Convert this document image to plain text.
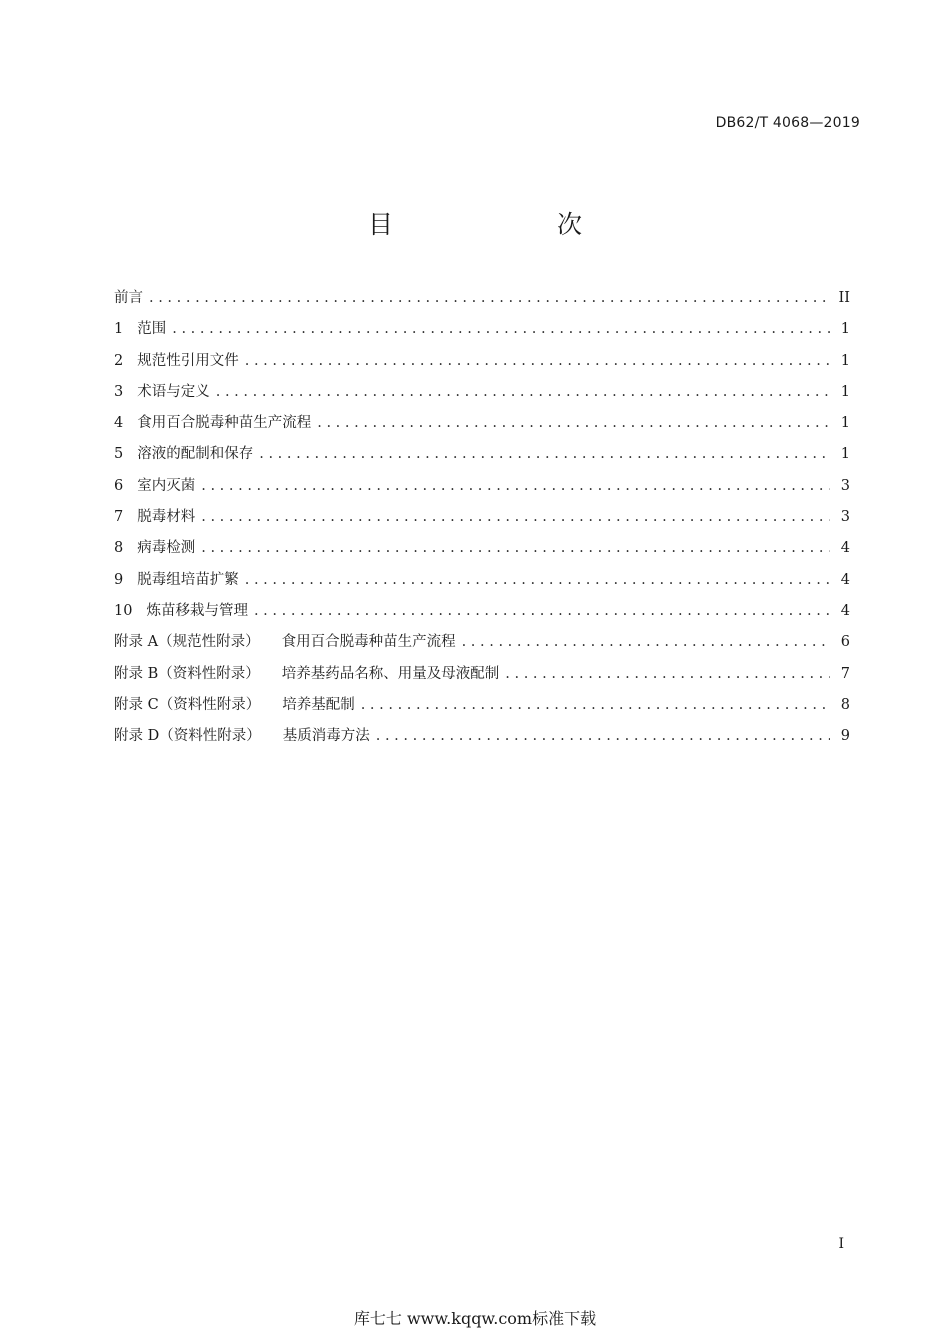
DB62/T 4068—2019
目　　次
前言 . . .	II
1 范围 . . .	1
2 规范性引用文件 . . .	1
3 术语与定义 . . .	1
4 食用百合脱毒种苗生产流程 . . .	1
5 溶液的配制和保存 . . .	1
6 室内灭菌 . . .	3
7 脱毒材料 . . .	3
8 病毒检测 . . .	4
9 脱毒组培苗扩繁 . . .	4
10 炼苗移栽与管理 . . .	4
附录 A（规范性附录） 食用百合脱毒种苗生产流程 . . .	6
附录 B（资料性附录） 培养基药品名称、用量及母液配制 . . .	7
附录 C（资料性附录） 培养基配制 . . .	8
附录 D（资料性附录） 基质消毒方法 . . .	9
I
库七七 www.kqqw.com标准下载
